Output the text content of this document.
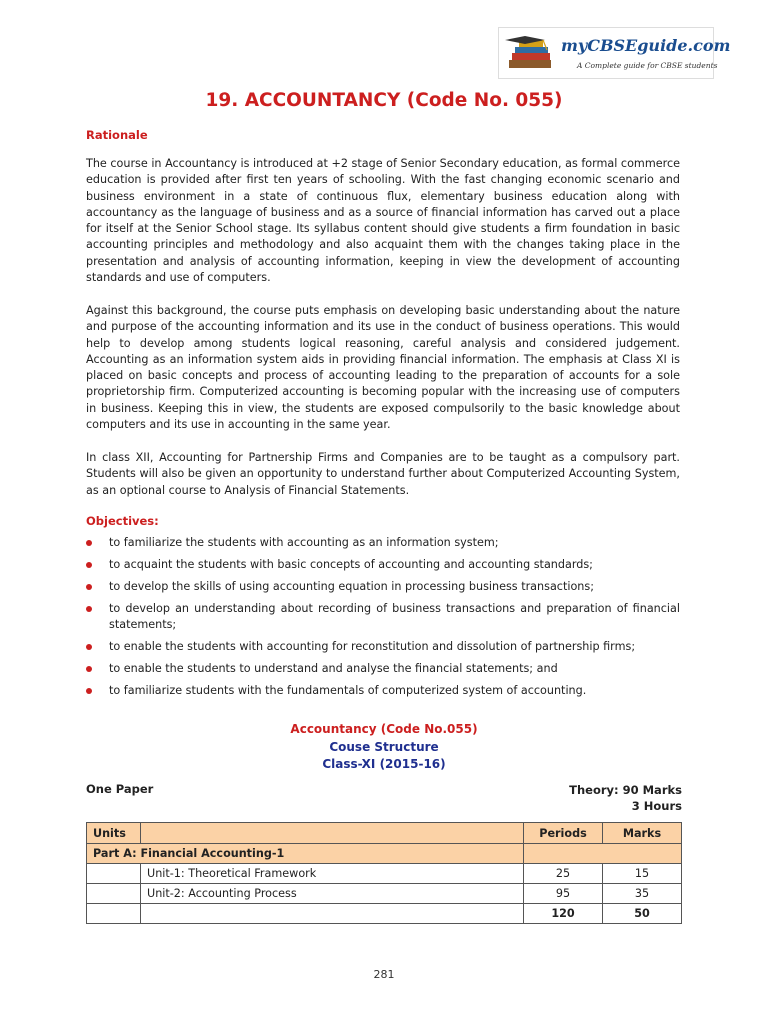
myCBSEguide.com
A Complete guide for CBSE students
19. ACCOUNTANCY (Code No. 055)
Rationale

The course in Accountancy is introduced at +2 stage of Senior Secondary education, as formal commerce education is provided after first ten years of schooling. With the fast changing economic scenario and business environment in a state of continuous flux, elementary business education along with accountancy as the language of business and as a source of financial information has carved out a place for itself at the Senior School stage. Its syllabus content should give students a firm foundation in basic accounting principles and methodology and also acquaint them with the changes taking place in the presentation and analysis of accounting information, keeping in view the development of accounting standards and use of computers.

Against this background, the course puts emphasis on developing basic understanding about the nature and purpose of the accounting information and its use in the conduct of business operations. This would help to develop among students logical reasoning, careful analysis and considered judgement. Accounting as an information system aids in providing financial information. The emphasis at Class XI is placed on basic concepts and process of accounting leading to the preparation of accounts for a sole proprietorship firm. Computerized accounting is becoming popular with the increasing use of computers in business. Keeping this in view, the students are exposed compulsorily to the basic knowledge about computers and its use in accounting in the same year.

In class XII, Accounting for Partnership Firms and Companies are to be taught as a compulsory part. Students will also be given an opportunity to understand further about Computerized Accounting System, as an optional course to Analysis of Financial Statements.

Objectives:
to familiarize the students with accounting as an information system;
to acquaint the students with basic concepts of accounting and accounting standards;
to develop the skills of using accounting equation in processing business transactions;
to develop an understanding about recording of business transactions and preparation of financial statements;
to enable the students with accounting for reconstitution and dissolution of partnership firms;
to enable the students to understand and analyse the financial statements; and
to familiarize students with the fundamentals of computerized system of accounting.
Accountancy (Code No.055)
Couse Structure
Class-XI (2015-16)
One Paper	Theory: 90 Marks
3 Hours
Units		Periods	Marks
Part A: Financial Accounting-1			
	Unit-1: Theoretical Framework	25	15
	Unit-2: Accounting Process	95	35
		120	50
281
